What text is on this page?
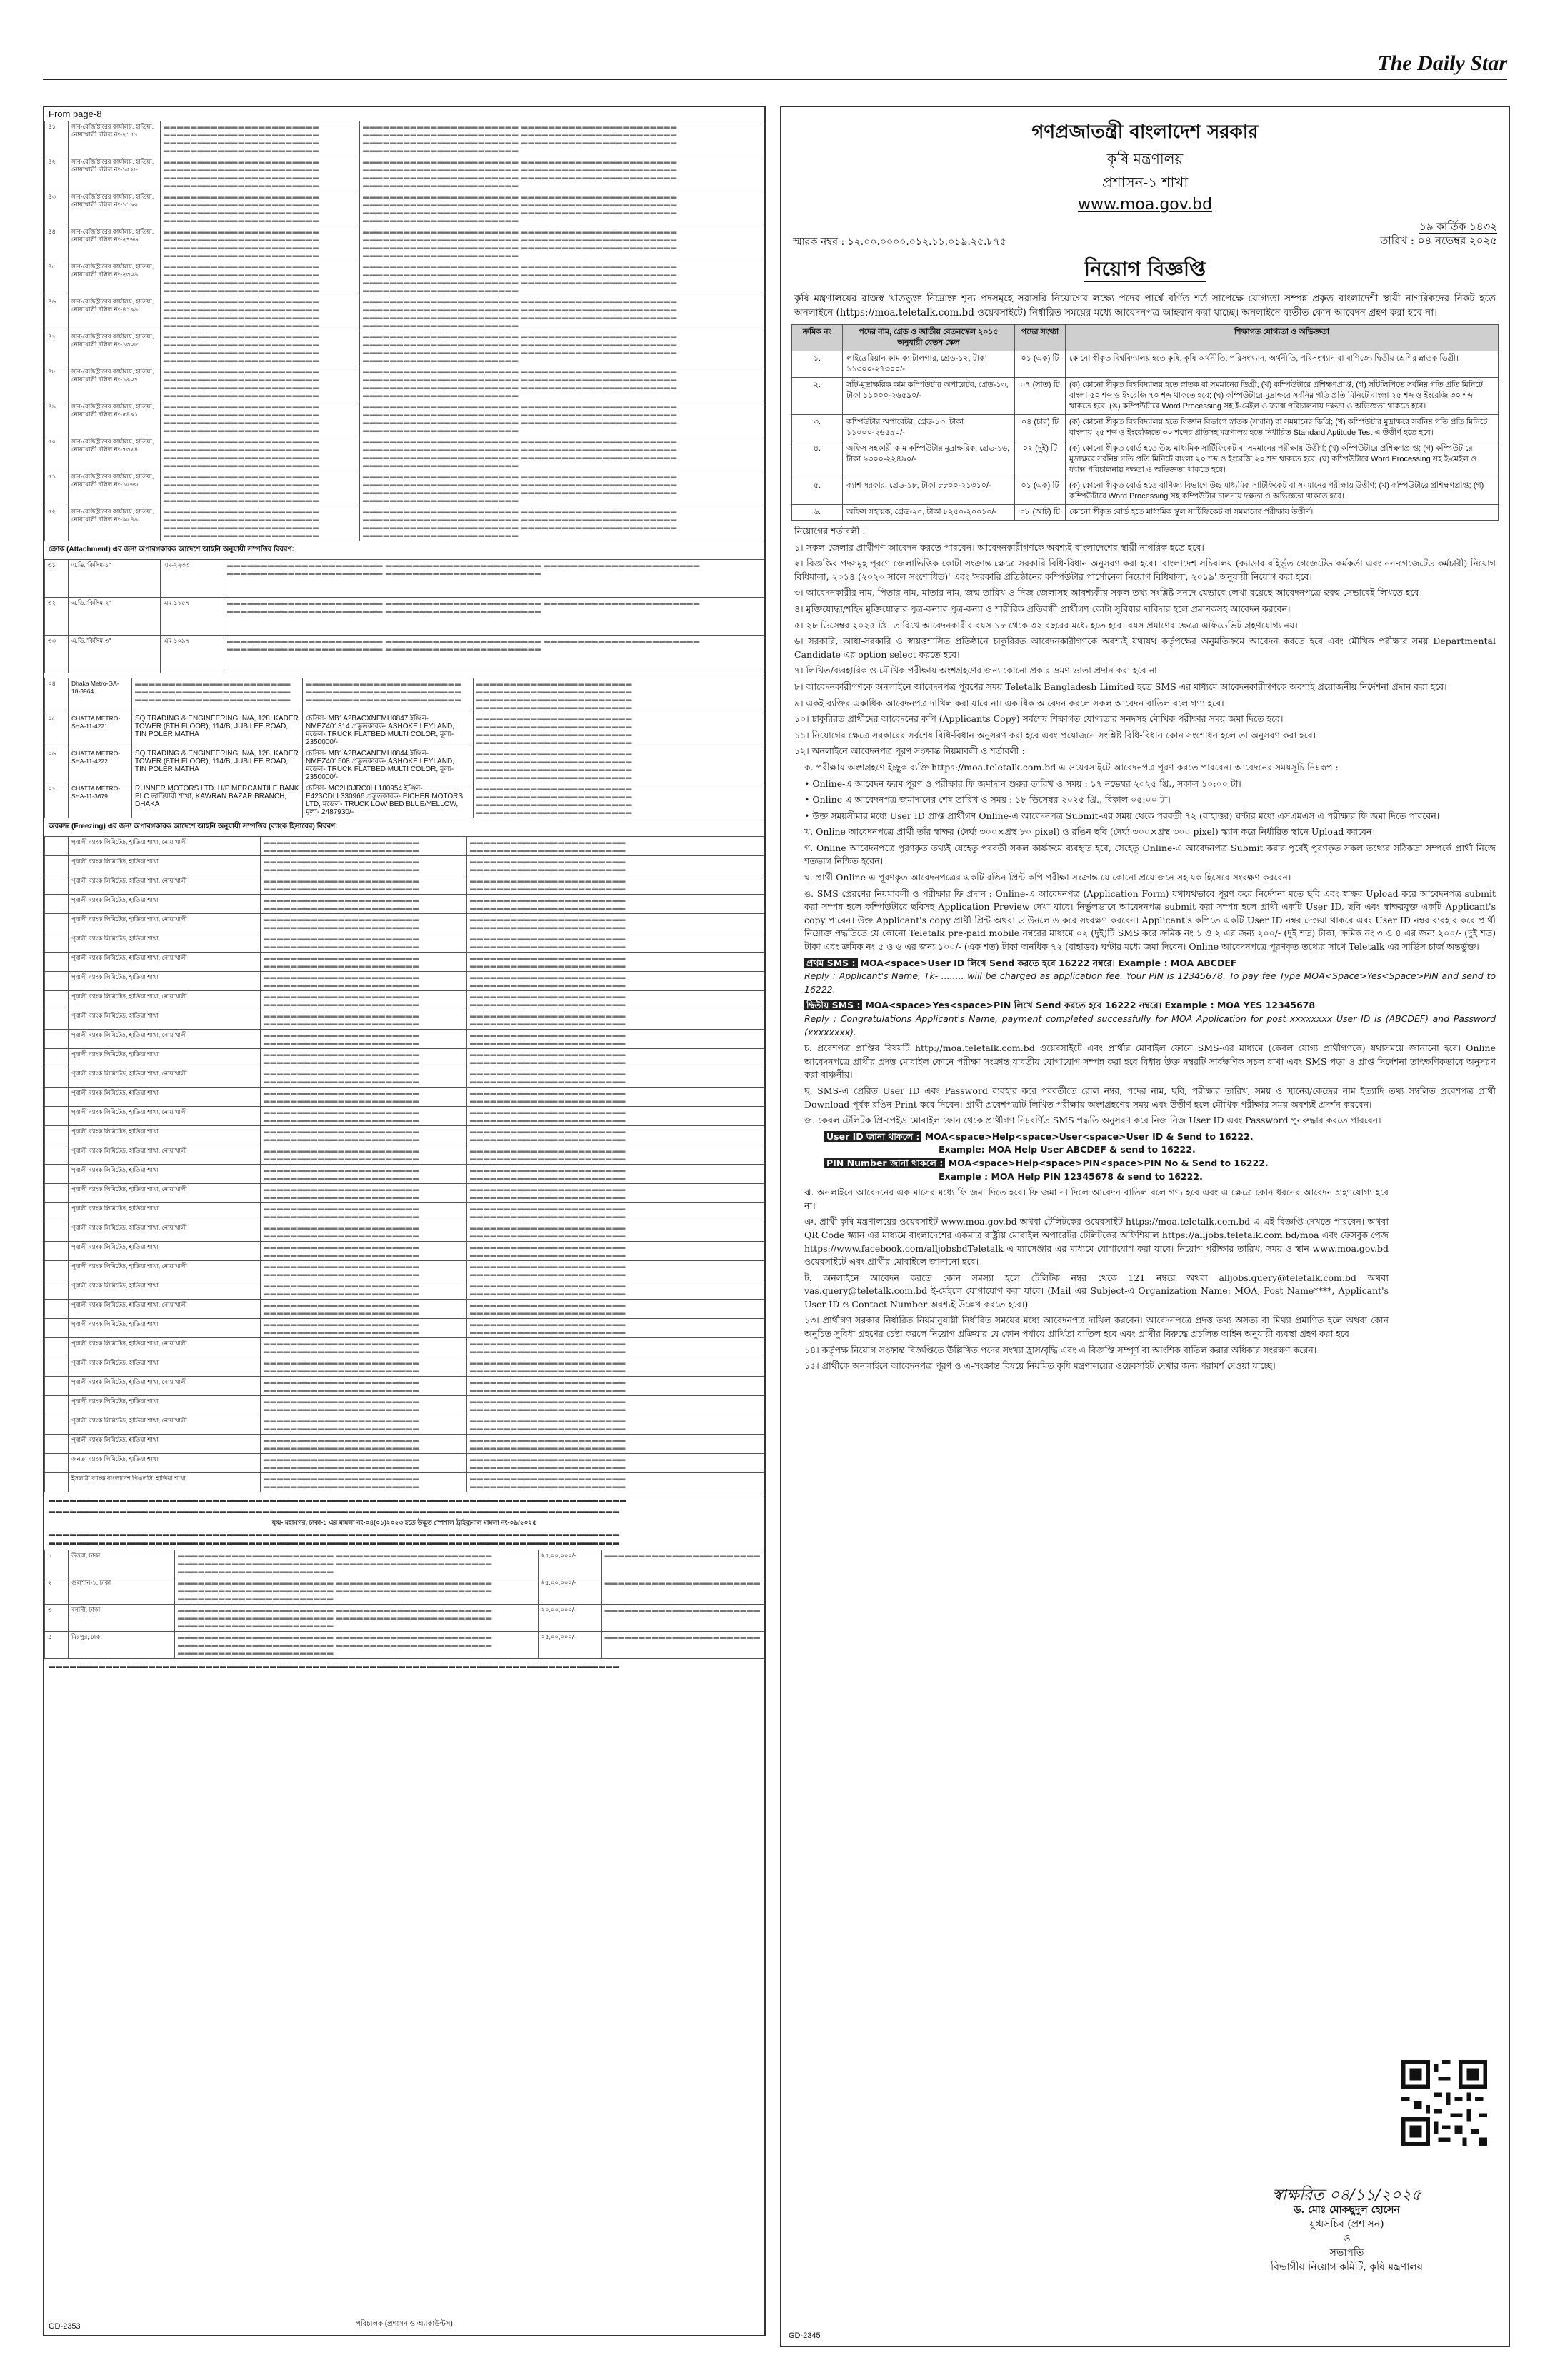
The Daily Star
From page-8
৪১	সাব-রেজিস্ট্রারের কার্যালয়, হাতিয়া, নোয়াখালী দলিল নং-২১৫৭	▬▬▬▬▬▬▬▬▬▬▬▬▬▬▬▬▬▬▬▬▬▬▬ ▬▬▬▬▬▬▬▬▬▬▬▬▬▬▬▬▬▬▬▬▬▬▬ ▬▬▬▬▬▬▬▬▬▬▬▬▬▬▬▬▬▬▬▬▬▬▬ ▬▬▬▬▬▬▬▬▬▬▬▬▬▬▬▬▬▬▬▬▬▬▬	▬▬▬▬▬▬▬▬▬▬▬▬▬▬▬▬▬▬▬▬▬▬▬ ▬▬▬▬▬▬▬▬▬▬▬▬▬▬▬▬▬▬▬▬▬▬▬ ▬▬▬▬▬▬▬▬▬▬▬▬▬▬▬▬▬▬▬▬▬▬▬ ▬▬▬▬▬▬▬▬▬▬▬▬▬▬▬▬▬▬▬▬▬▬▬ ▬▬▬▬▬▬▬▬▬▬▬▬▬▬▬▬▬▬▬▬▬▬▬ ▬▬▬▬▬▬▬▬▬▬▬▬▬▬▬▬▬▬▬▬▬▬▬ ▬▬▬▬▬▬▬▬▬▬▬▬▬▬▬▬▬▬▬▬▬▬▬
৪২	সাব-রেজিস্ট্রারের কার্যালয়, হাতিয়া, নোয়াখালী দলিল নং-১৫২৮	▬▬▬▬▬▬▬▬▬▬▬▬▬▬▬▬▬▬▬▬▬▬▬ ▬▬▬▬▬▬▬▬▬▬▬▬▬▬▬▬▬▬▬▬▬▬▬ ▬▬▬▬▬▬▬▬▬▬▬▬▬▬▬▬▬▬▬▬▬▬▬ ▬▬▬▬▬▬▬▬▬▬▬▬▬▬▬▬▬▬▬▬▬▬▬	▬▬▬▬▬▬▬▬▬▬▬▬▬▬▬▬▬▬▬▬▬▬▬ ▬▬▬▬▬▬▬▬▬▬▬▬▬▬▬▬▬▬▬▬▬▬▬ ▬▬▬▬▬▬▬▬▬▬▬▬▬▬▬▬▬▬▬▬▬▬▬ ▬▬▬▬▬▬▬▬▬▬▬▬▬▬▬▬▬▬▬▬▬▬▬ ▬▬▬▬▬▬▬▬▬▬▬▬▬▬▬▬▬▬▬▬▬▬▬ ▬▬▬▬▬▬▬▬▬▬▬▬▬▬▬▬▬▬▬▬▬▬▬ ▬▬▬▬▬▬▬▬▬▬▬▬▬▬▬▬▬▬▬▬▬▬▬
৪৩	সাব-রেজিস্ট্রারের কার্যালয়, হাতিয়া, নোয়াখালী দলিল নং-১১৯০	▬▬▬▬▬▬▬▬▬▬▬▬▬▬▬▬▬▬▬▬▬▬▬ ▬▬▬▬▬▬▬▬▬▬▬▬▬▬▬▬▬▬▬▬▬▬▬ ▬▬▬▬▬▬▬▬▬▬▬▬▬▬▬▬▬▬▬▬▬▬▬ ▬▬▬▬▬▬▬▬▬▬▬▬▬▬▬▬▬▬▬▬▬▬▬	▬▬▬▬▬▬▬▬▬▬▬▬▬▬▬▬▬▬▬▬▬▬▬ ▬▬▬▬▬▬▬▬▬▬▬▬▬▬▬▬▬▬▬▬▬▬▬ ▬▬▬▬▬▬▬▬▬▬▬▬▬▬▬▬▬▬▬▬▬▬▬ ▬▬▬▬▬▬▬▬▬▬▬▬▬▬▬▬▬▬▬▬▬▬▬ ▬▬▬▬▬▬▬▬▬▬▬▬▬▬▬▬▬▬▬▬▬▬▬ ▬▬▬▬▬▬▬▬▬▬▬▬▬▬▬▬▬▬▬▬▬▬▬ ▬▬▬▬▬▬▬▬▬▬▬▬▬▬▬▬▬▬▬▬▬▬▬
৪৪	সাব-রেজিস্ট্রারের কার্যালয়, হাতিয়া, নোয়াখালী দলিল নং-২৭৬৬	▬▬▬▬▬▬▬▬▬▬▬▬▬▬▬▬▬▬▬▬▬▬▬ ▬▬▬▬▬▬▬▬▬▬▬▬▬▬▬▬▬▬▬▬▬▬▬ ▬▬▬▬▬▬▬▬▬▬▬▬▬▬▬▬▬▬▬▬▬▬▬ ▬▬▬▬▬▬▬▬▬▬▬▬▬▬▬▬▬▬▬▬▬▬▬	▬▬▬▬▬▬▬▬▬▬▬▬▬▬▬▬▬▬▬▬▬▬▬ ▬▬▬▬▬▬▬▬▬▬▬▬▬▬▬▬▬▬▬▬▬▬▬ ▬▬▬▬▬▬▬▬▬▬▬▬▬▬▬▬▬▬▬▬▬▬▬ ▬▬▬▬▬▬▬▬▬▬▬▬▬▬▬▬▬▬▬▬▬▬▬ ▬▬▬▬▬▬▬▬▬▬▬▬▬▬▬▬▬▬▬▬▬▬▬ ▬▬▬▬▬▬▬▬▬▬▬▬▬▬▬▬▬▬▬▬▬▬▬ ▬▬▬▬▬▬▬▬▬▬▬▬▬▬▬▬▬▬▬▬▬▬▬
৪৫	সাব-রেজিস্ট্রারের কার্যালয়, হাতিয়া, নোয়াখালী দলিল নং-২৩০৯	▬▬▬▬▬▬▬▬▬▬▬▬▬▬▬▬▬▬▬▬▬▬▬ ▬▬▬▬▬▬▬▬▬▬▬▬▬▬▬▬▬▬▬▬▬▬▬ ▬▬▬▬▬▬▬▬▬▬▬▬▬▬▬▬▬▬▬▬▬▬▬ ▬▬▬▬▬▬▬▬▬▬▬▬▬▬▬▬▬▬▬▬▬▬▬	▬▬▬▬▬▬▬▬▬▬▬▬▬▬▬▬▬▬▬▬▬▬▬ ▬▬▬▬▬▬▬▬▬▬▬▬▬▬▬▬▬▬▬▬▬▬▬ ▬▬▬▬▬▬▬▬▬▬▬▬▬▬▬▬▬▬▬▬▬▬▬ ▬▬▬▬▬▬▬▬▬▬▬▬▬▬▬▬▬▬▬▬▬▬▬ ▬▬▬▬▬▬▬▬▬▬▬▬▬▬▬▬▬▬▬▬▬▬▬ ▬▬▬▬▬▬▬▬▬▬▬▬▬▬▬▬▬▬▬▬▬▬▬ ▬▬▬▬▬▬▬▬▬▬▬▬▬▬▬▬▬▬▬▬▬▬▬
৪৬	সাব-রেজিস্ট্রারের কার্যালয়, হাতিয়া, নোয়াখালী দলিল নং-৪১৯৯	▬▬▬▬▬▬▬▬▬▬▬▬▬▬▬▬▬▬▬▬▬▬▬ ▬▬▬▬▬▬▬▬▬▬▬▬▬▬▬▬▬▬▬▬▬▬▬ ▬▬▬▬▬▬▬▬▬▬▬▬▬▬▬▬▬▬▬▬▬▬▬ ▬▬▬▬▬▬▬▬▬▬▬▬▬▬▬▬▬▬▬▬▬▬▬	▬▬▬▬▬▬▬▬▬▬▬▬▬▬▬▬▬▬▬▬▬▬▬ ▬▬▬▬▬▬▬▬▬▬▬▬▬▬▬▬▬▬▬▬▬▬▬ ▬▬▬▬▬▬▬▬▬▬▬▬▬▬▬▬▬▬▬▬▬▬▬ ▬▬▬▬▬▬▬▬▬▬▬▬▬▬▬▬▬▬▬▬▬▬▬ ▬▬▬▬▬▬▬▬▬▬▬▬▬▬▬▬▬▬▬▬▬▬▬ ▬▬▬▬▬▬▬▬▬▬▬▬▬▬▬▬▬▬▬▬▬▬▬ ▬▬▬▬▬▬▬▬▬▬▬▬▬▬▬▬▬▬▬▬▬▬▬
৪৭	সাব-রেজিস্ট্রারের কার্যালয়, হাতিয়া, নোয়াখালী দলিল নং-১৩০৮	▬▬▬▬▬▬▬▬▬▬▬▬▬▬▬▬▬▬▬▬▬▬▬ ▬▬▬▬▬▬▬▬▬▬▬▬▬▬▬▬▬▬▬▬▬▬▬ ▬▬▬▬▬▬▬▬▬▬▬▬▬▬▬▬▬▬▬▬▬▬▬ ▬▬▬▬▬▬▬▬▬▬▬▬▬▬▬▬▬▬▬▬▬▬▬	▬▬▬▬▬▬▬▬▬▬▬▬▬▬▬▬▬▬▬▬▬▬▬ ▬▬▬▬▬▬▬▬▬▬▬▬▬▬▬▬▬▬▬▬▬▬▬ ▬▬▬▬▬▬▬▬▬▬▬▬▬▬▬▬▬▬▬▬▬▬▬ ▬▬▬▬▬▬▬▬▬▬▬▬▬▬▬▬▬▬▬▬▬▬▬ ▬▬▬▬▬▬▬▬▬▬▬▬▬▬▬▬▬▬▬▬▬▬▬ ▬▬▬▬▬▬▬▬▬▬▬▬▬▬▬▬▬▬▬▬▬▬▬ ▬▬▬▬▬▬▬▬▬▬▬▬▬▬▬▬▬▬▬▬▬▬▬
৪৮	সাব-রেজিস্ট্রারের কার্যালয়, হাতিয়া, নোয়াখালী দলিল নং-১৯০৭	▬▬▬▬▬▬▬▬▬▬▬▬▬▬▬▬▬▬▬▬▬▬▬ ▬▬▬▬▬▬▬▬▬▬▬▬▬▬▬▬▬▬▬▬▬▬▬ ▬▬▬▬▬▬▬▬▬▬▬▬▬▬▬▬▬▬▬▬▬▬▬ ▬▬▬▬▬▬▬▬▬▬▬▬▬▬▬▬▬▬▬▬▬▬▬	▬▬▬▬▬▬▬▬▬▬▬▬▬▬▬▬▬▬▬▬▬▬▬ ▬▬▬▬▬▬▬▬▬▬▬▬▬▬▬▬▬▬▬▬▬▬▬ ▬▬▬▬▬▬▬▬▬▬▬▬▬▬▬▬▬▬▬▬▬▬▬ ▬▬▬▬▬▬▬▬▬▬▬▬▬▬▬▬▬▬▬▬▬▬▬ ▬▬▬▬▬▬▬▬▬▬▬▬▬▬▬▬▬▬▬▬▬▬▬ ▬▬▬▬▬▬▬▬▬▬▬▬▬▬▬▬▬▬▬▬▬▬▬ ▬▬▬▬▬▬▬▬▬▬▬▬▬▬▬▬▬▬▬▬▬▬▬
৪৯	সাব-রেজিস্ট্রারের কার্যালয়, হাতিয়া, নোয়াখালী দলিল নং-৫৪৯১	▬▬▬▬▬▬▬▬▬▬▬▬▬▬▬▬▬▬▬▬▬▬▬ ▬▬▬▬▬▬▬▬▬▬▬▬▬▬▬▬▬▬▬▬▬▬▬ ▬▬▬▬▬▬▬▬▬▬▬▬▬▬▬▬▬▬▬▬▬▬▬ ▬▬▬▬▬▬▬▬▬▬▬▬▬▬▬▬▬▬▬▬▬▬▬	▬▬▬▬▬▬▬▬▬▬▬▬▬▬▬▬▬▬▬▬▬▬▬ ▬▬▬▬▬▬▬▬▬▬▬▬▬▬▬▬▬▬▬▬▬▬▬ ▬▬▬▬▬▬▬▬▬▬▬▬▬▬▬▬▬▬▬▬▬▬▬ ▬▬▬▬▬▬▬▬▬▬▬▬▬▬▬▬▬▬▬▬▬▬▬ ▬▬▬▬▬▬▬▬▬▬▬▬▬▬▬▬▬▬▬▬▬▬▬ ▬▬▬▬▬▬▬▬▬▬▬▬▬▬▬▬▬▬▬▬▬▬▬ ▬▬▬▬▬▬▬▬▬▬▬▬▬▬▬▬▬▬▬▬▬▬▬
৫০	সাব-রেজিস্ট্রারের কার্যালয়, হাতিয়া, নোয়াখালী দলিল নং-৭৩২৪	▬▬▬▬▬▬▬▬▬▬▬▬▬▬▬▬▬▬▬▬▬▬▬ ▬▬▬▬▬▬▬▬▬▬▬▬▬▬▬▬▬▬▬▬▬▬▬ ▬▬▬▬▬▬▬▬▬▬▬▬▬▬▬▬▬▬▬▬▬▬▬ ▬▬▬▬▬▬▬▬▬▬▬▬▬▬▬▬▬▬▬▬▬▬▬	▬▬▬▬▬▬▬▬▬▬▬▬▬▬▬▬▬▬▬▬▬▬▬ ▬▬▬▬▬▬▬▬▬▬▬▬▬▬▬▬▬▬▬▬▬▬▬ ▬▬▬▬▬▬▬▬▬▬▬▬▬▬▬▬▬▬▬▬▬▬▬ ▬▬▬▬▬▬▬▬▬▬▬▬▬▬▬▬▬▬▬▬▬▬▬ ▬▬▬▬▬▬▬▬▬▬▬▬▬▬▬▬▬▬▬▬▬▬▬ ▬▬▬▬▬▬▬▬▬▬▬▬▬▬▬▬▬▬▬▬▬▬▬ ▬▬▬▬▬▬▬▬▬▬▬▬▬▬▬▬▬▬▬▬▬▬▬
৫১	সাব-রেজিস্ট্রারের কার্যালয়, হাতিয়া, নোয়াখালী দলিল নং-১৫৬৩	▬▬▬▬▬▬▬▬▬▬▬▬▬▬▬▬▬▬▬▬▬▬▬ ▬▬▬▬▬▬▬▬▬▬▬▬▬▬▬▬▬▬▬▬▬▬▬ ▬▬▬▬▬▬▬▬▬▬▬▬▬▬▬▬▬▬▬▬▬▬▬ ▬▬▬▬▬▬▬▬▬▬▬▬▬▬▬▬▬▬▬▬▬▬▬	▬▬▬▬▬▬▬▬▬▬▬▬▬▬▬▬▬▬▬▬▬▬▬ ▬▬▬▬▬▬▬▬▬▬▬▬▬▬▬▬▬▬▬▬▬▬▬ ▬▬▬▬▬▬▬▬▬▬▬▬▬▬▬▬▬▬▬▬▬▬▬ ▬▬▬▬▬▬▬▬▬▬▬▬▬▬▬▬▬▬▬▬▬▬▬ ▬▬▬▬▬▬▬▬▬▬▬▬▬▬▬▬▬▬▬▬▬▬▬ ▬▬▬▬▬▬▬▬▬▬▬▬▬▬▬▬▬▬▬▬▬▬▬ ▬▬▬▬▬▬▬▬▬▬▬▬▬▬▬▬▬▬▬▬▬▬▬
৫২	সাব-রেজিস্ট্রারের কার্যালয়, হাতিয়া, নোয়াখালী দলিল নং-৯৫৪৯	▬▬▬▬▬▬▬▬▬▬▬▬▬▬▬▬▬▬▬▬▬▬▬ ▬▬▬▬▬▬▬▬▬▬▬▬▬▬▬▬▬▬▬▬▬▬▬ ▬▬▬▬▬▬▬▬▬▬▬▬▬▬▬▬▬▬▬▬▬▬▬ ▬▬▬▬▬▬▬▬▬▬▬▬▬▬▬▬▬▬▬▬▬▬▬	▬▬▬▬▬▬▬▬▬▬▬▬▬▬▬▬▬▬▬▬▬▬▬ ▬▬▬▬▬▬▬▬▬▬▬▬▬▬▬▬▬▬▬▬▬▬▬ ▬▬▬▬▬▬▬▬▬▬▬▬▬▬▬▬▬▬▬▬▬▬▬ ▬▬▬▬▬▬▬▬▬▬▬▬▬▬▬▬▬▬▬▬▬▬▬ ▬▬▬▬▬▬▬▬▬▬▬▬▬▬▬▬▬▬▬▬▬▬▬ ▬▬▬▬▬▬▬▬▬▬▬▬▬▬▬▬▬▬▬▬▬▬▬ ▬▬▬▬▬▬▬▬▬▬▬▬▬▬▬▬▬▬▬▬▬▬▬
ক্রোক (Attachment) এর জন্য অপারগকারক আদেশে আইনি অনুযায়ী সম্পত্তির বিবরণ:
৩১	এ.ডি."কিসিম-১"	এম-২২৩৩	▬▬▬▬▬▬▬▬▬▬▬▬▬▬▬▬▬▬▬▬▬▬▬ ▬▬▬▬▬▬▬▬▬▬▬▬▬▬▬▬▬▬▬▬▬▬▬ ▬▬▬▬▬▬▬▬▬▬▬▬▬▬▬▬▬▬▬▬▬▬▬ ▬▬▬▬▬▬▬▬▬▬▬▬▬▬▬▬▬▬▬▬▬▬▬ ▬▬▬▬▬▬▬▬▬▬▬▬▬▬▬▬▬▬▬▬▬▬▬
৩২	এ.ডি."কিসিম-২"	এম-১১৫৭	▬▬▬▬▬▬▬▬▬▬▬▬▬▬▬▬▬▬▬▬▬▬▬ ▬▬▬▬▬▬▬▬▬▬▬▬▬▬▬▬▬▬▬▬▬▬▬ ▬▬▬▬▬▬▬▬▬▬▬▬▬▬▬▬▬▬▬▬▬▬▬ ▬▬▬▬▬▬▬▬▬▬▬▬▬▬▬▬▬▬▬▬▬▬▬ ▬▬▬▬▬▬▬▬▬▬▬▬▬▬▬▬▬▬▬▬▬▬▬
৩৩	এ.ডি."কিসিম-৩"	এম-১০৯৭	▬▬▬▬▬▬▬▬▬▬▬▬▬▬▬▬▬▬▬▬▬▬▬ ▬▬▬▬▬▬▬▬▬▬▬▬▬▬▬▬▬▬▬▬▬▬▬ ▬▬▬▬▬▬▬▬▬▬▬▬▬▬▬▬▬▬▬▬▬▬▬ ▬▬▬▬▬▬▬▬▬▬▬▬▬▬▬▬▬▬▬▬▬▬▬ ▬▬▬▬▬▬▬▬▬▬▬▬▬▬▬▬▬▬▬▬▬▬▬
০৪	Dhaka Metro-GA- 18-3964	▬▬▬▬▬▬▬▬▬▬▬▬▬▬▬▬▬▬▬▬▬▬▬ ▬▬▬▬▬▬▬▬▬▬▬▬▬▬▬▬▬▬▬▬▬▬▬ ▬▬▬▬▬▬▬▬▬▬▬▬▬▬▬▬▬▬▬▬▬▬▬	▬▬▬▬▬▬▬▬▬▬▬▬▬▬▬▬▬▬▬▬▬▬▬ ▬▬▬▬▬▬▬▬▬▬▬▬▬▬▬▬▬▬▬▬▬▬▬ ▬▬▬▬▬▬▬▬▬▬▬▬▬▬▬▬▬▬▬▬▬▬▬	▬▬▬▬▬▬▬▬▬▬▬▬▬▬▬▬▬▬▬▬▬▬▬ ▬▬▬▬▬▬▬▬▬▬▬▬▬▬▬▬▬▬▬▬▬▬▬ ▬▬▬▬▬▬▬▬▬▬▬▬▬▬▬▬▬▬▬▬▬▬▬ ▬▬▬▬▬▬▬▬▬▬▬▬▬▬▬▬▬▬▬▬▬▬▬
০৫	CHATTA METRO-SHA-11-4221	SQ TRADING & ENGINEERING, N/A, 128, KADER TOWER (8TH FLOOR), 114/B, JUBILEE ROAD, TIN POLER MATHA	চেসিস- MB1A2BACXNEMH0847 ইঞ্জিন- NMEZ401314 প্রস্তুতকারক- ASHOKE LEYLAND, মডেল- TRUCK FLATBED MULTI COLOR, মূল্য- 2350000/-	▬▬▬▬▬▬▬▬▬▬▬▬▬▬▬▬▬▬▬▬▬▬▬ ▬▬▬▬▬▬▬▬▬▬▬▬▬▬▬▬▬▬▬▬▬▬▬ ▬▬▬▬▬▬▬▬▬▬▬▬▬▬▬▬▬▬▬▬▬▬▬ ▬▬▬▬▬▬▬▬▬▬▬▬▬▬▬▬▬▬▬▬▬▬▬
০৬	CHATTA METRO-SHA-11-4222	SQ TRADING & ENGINEERING, N/A, 128, KADER TOWER (8TH FLOOR), 114/B, JUBILEE ROAD, TIN POLER MATHA	চেসিস- MB1A2BACANEMH0844 ইঞ্জিন- NMEZ401508 প্রস্তুতকারক- ASHOKE LEYLAND, মডেল- TRUCK FLATBED MULTI COLOR, মূল্য- 2350000/-	▬▬▬▬▬▬▬▬▬▬▬▬▬▬▬▬▬▬▬▬▬▬▬ ▬▬▬▬▬▬▬▬▬▬▬▬▬▬▬▬▬▬▬▬▬▬▬ ▬▬▬▬▬▬▬▬▬▬▬▬▬▬▬▬▬▬▬▬▬▬▬ ▬▬▬▬▬▬▬▬▬▬▬▬▬▬▬▬▬▬▬▬▬▬▬
০৭	CHATTA METRO-SHA-11-3679	RUNNER MOTORS LTD. H/P MERCANTILE BANK PLC ভাটিয়ারী শাখা, KAWRAN BAZAR BRANCH, DHAKA	চেসিস- MC2H3JRC0LL180954 ইঞ্জিন- E423CDLL330966 প্রস্তুতকারক- EICHER MOTORS LTD, মডেল- TRUCK LOW BED BLUE/YELLOW, মূল্য- 2487930/-	▬▬▬▬▬▬▬▬▬▬▬▬▬▬▬▬▬▬▬▬▬▬▬ ▬▬▬▬▬▬▬▬▬▬▬▬▬▬▬▬▬▬▬▬▬▬▬ ▬▬▬▬▬▬▬▬▬▬▬▬▬▬▬▬▬▬▬▬▬▬▬ ▬▬▬▬▬▬▬▬▬▬▬▬▬▬▬▬▬▬▬▬▬▬▬
অবরুদ্ধ (Freezing) এর জন্য অপারগকারক আদেশে আইনি অনুযায়ী সম্পত্তির (ব্যাংক হিসাবের) বিবরণ:
	পূবালী ব্যাংক লিমিটেড, হাতিয়া শাখা, নোয়াখালী	▬▬▬▬▬▬▬▬▬▬▬▬▬▬▬▬▬▬▬▬▬▬▬ ▬▬▬▬▬▬▬▬▬▬▬▬▬▬▬▬▬▬▬▬▬▬▬	▬▬▬▬▬▬▬▬▬▬▬▬▬▬▬▬▬▬▬▬▬▬▬ ▬▬▬▬▬▬▬▬▬▬▬▬▬▬▬▬▬▬▬▬▬▬▬
	পূবালী ব্যাংক লিমিটেড, হাতিয়া শাখা	▬▬▬▬▬▬▬▬▬▬▬▬▬▬▬▬▬▬▬▬▬▬▬ ▬▬▬▬▬▬▬▬▬▬▬▬▬▬▬▬▬▬▬▬▬▬▬	▬▬▬▬▬▬▬▬▬▬▬▬▬▬▬▬▬▬▬▬▬▬▬ ▬▬▬▬▬▬▬▬▬▬▬▬▬▬▬▬▬▬▬▬▬▬▬
	পূবালী ব্যাংক লিমিটেড, হাতিয়া শাখা, নোয়াখালী	▬▬▬▬▬▬▬▬▬▬▬▬▬▬▬▬▬▬▬▬▬▬▬ ▬▬▬▬▬▬▬▬▬▬▬▬▬▬▬▬▬▬▬▬▬▬▬	▬▬▬▬▬▬▬▬▬▬▬▬▬▬▬▬▬▬▬▬▬▬▬ ▬▬▬▬▬▬▬▬▬▬▬▬▬▬▬▬▬▬▬▬▬▬▬
	পূবালী ব্যাংক লিমিটেড, হাতিয়া শাখা	▬▬▬▬▬▬▬▬▬▬▬▬▬▬▬▬▬▬▬▬▬▬▬ ▬▬▬▬▬▬▬▬▬▬▬▬▬▬▬▬▬▬▬▬▬▬▬	▬▬▬▬▬▬▬▬▬▬▬▬▬▬▬▬▬▬▬▬▬▬▬ ▬▬▬▬▬▬▬▬▬▬▬▬▬▬▬▬▬▬▬▬▬▬▬
	পূবালী ব্যাংক লিমিটেড, হাতিয়া শাখা, নোয়াখালী	▬▬▬▬▬▬▬▬▬▬▬▬▬▬▬▬▬▬▬▬▬▬▬ ▬▬▬▬▬▬▬▬▬▬▬▬▬▬▬▬▬▬▬▬▬▬▬	▬▬▬▬▬▬▬▬▬▬▬▬▬▬▬▬▬▬▬▬▬▬▬ ▬▬▬▬▬▬▬▬▬▬▬▬▬▬▬▬▬▬▬▬▬▬▬
	পূবালী ব্যাংক লিমিটেড, হাতিয়া শাখা	▬▬▬▬▬▬▬▬▬▬▬▬▬▬▬▬▬▬▬▬▬▬▬ ▬▬▬▬▬▬▬▬▬▬▬▬▬▬▬▬▬▬▬▬▬▬▬	▬▬▬▬▬▬▬▬▬▬▬▬▬▬▬▬▬▬▬▬▬▬▬ ▬▬▬▬▬▬▬▬▬▬▬▬▬▬▬▬▬▬▬▬▬▬▬
	পূবালী ব্যাংক লিমিটেড, হাতিয়া শাখা, নোয়াখালী	▬▬▬▬▬▬▬▬▬▬▬▬▬▬▬▬▬▬▬▬▬▬▬ ▬▬▬▬▬▬▬▬▬▬▬▬▬▬▬▬▬▬▬▬▬▬▬	▬▬▬▬▬▬▬▬▬▬▬▬▬▬▬▬▬▬▬▬▬▬▬ ▬▬▬▬▬▬▬▬▬▬▬▬▬▬▬▬▬▬▬▬▬▬▬
	পূবালী ব্যাংক লিমিটেড, হাতিয়া শাখা	▬▬▬▬▬▬▬▬▬▬▬▬▬▬▬▬▬▬▬▬▬▬▬ ▬▬▬▬▬▬▬▬▬▬▬▬▬▬▬▬▬▬▬▬▬▬▬	▬▬▬▬▬▬▬▬▬▬▬▬▬▬▬▬▬▬▬▬▬▬▬ ▬▬▬▬▬▬▬▬▬▬▬▬▬▬▬▬▬▬▬▬▬▬▬
	পূবালী ব্যাংক লিমিটেড, হাতিয়া শাখা, নোয়াখালী	▬▬▬▬▬▬▬▬▬▬▬▬▬▬▬▬▬▬▬▬▬▬▬ ▬▬▬▬▬▬▬▬▬▬▬▬▬▬▬▬▬▬▬▬▬▬▬	▬▬▬▬▬▬▬▬▬▬▬▬▬▬▬▬▬▬▬▬▬▬▬ ▬▬▬▬▬▬▬▬▬▬▬▬▬▬▬▬▬▬▬▬▬▬▬
	পূবালী ব্যাংক লিমিটেড, হাতিয়া শাখা	▬▬▬▬▬▬▬▬▬▬▬▬▬▬▬▬▬▬▬▬▬▬▬ ▬▬▬▬▬▬▬▬▬▬▬▬▬▬▬▬▬▬▬▬▬▬▬	▬▬▬▬▬▬▬▬▬▬▬▬▬▬▬▬▬▬▬▬▬▬▬ ▬▬▬▬▬▬▬▬▬▬▬▬▬▬▬▬▬▬▬▬▬▬▬
	পূবালী ব্যাংক লিমিটেড, হাতিয়া শাখা, নোয়াখালী	▬▬▬▬▬▬▬▬▬▬▬▬▬▬▬▬▬▬▬▬▬▬▬ ▬▬▬▬▬▬▬▬▬▬▬▬▬▬▬▬▬▬▬▬▬▬▬	▬▬▬▬▬▬▬▬▬▬▬▬▬▬▬▬▬▬▬▬▬▬▬ ▬▬▬▬▬▬▬▬▬▬▬▬▬▬▬▬▬▬▬▬▬▬▬
	পূবালী ব্যাংক লিমিটেড, হাতিয়া শাখা	▬▬▬▬▬▬▬▬▬▬▬▬▬▬▬▬▬▬▬▬▬▬▬ ▬▬▬▬▬▬▬▬▬▬▬▬▬▬▬▬▬▬▬▬▬▬▬	▬▬▬▬▬▬▬▬▬▬▬▬▬▬▬▬▬▬▬▬▬▬▬ ▬▬▬▬▬▬▬▬▬▬▬▬▬▬▬▬▬▬▬▬▬▬▬
	পূবালী ব্যাংক লিমিটেড, হাতিয়া শাখা, নোয়াখালী	▬▬▬▬▬▬▬▬▬▬▬▬▬▬▬▬▬▬▬▬▬▬▬ ▬▬▬▬▬▬▬▬▬▬▬▬▬▬▬▬▬▬▬▬▬▬▬	▬▬▬▬▬▬▬▬▬▬▬▬▬▬▬▬▬▬▬▬▬▬▬ ▬▬▬▬▬▬▬▬▬▬▬▬▬▬▬▬▬▬▬▬▬▬▬
	পূবালী ব্যাংক লিমিটেড, হাতিয়া শাখা	▬▬▬▬▬▬▬▬▬▬▬▬▬▬▬▬▬▬▬▬▬▬▬ ▬▬▬▬▬▬▬▬▬▬▬▬▬▬▬▬▬▬▬▬▬▬▬	▬▬▬▬▬▬▬▬▬▬▬▬▬▬▬▬▬▬▬▬▬▬▬ ▬▬▬▬▬▬▬▬▬▬▬▬▬▬▬▬▬▬▬▬▬▬▬
	পূবালী ব্যাংক লিমিটেড, হাতিয়া শাখা, নোয়াখালী	▬▬▬▬▬▬▬▬▬▬▬▬▬▬▬▬▬▬▬▬▬▬▬ ▬▬▬▬▬▬▬▬▬▬▬▬▬▬▬▬▬▬▬▬▬▬▬	▬▬▬▬▬▬▬▬▬▬▬▬▬▬▬▬▬▬▬▬▬▬▬ ▬▬▬▬▬▬▬▬▬▬▬▬▬▬▬▬▬▬▬▬▬▬▬
	পূবালী ব্যাংক লিমিটেড, হাতিয়া শাখা	▬▬▬▬▬▬▬▬▬▬▬▬▬▬▬▬▬▬▬▬▬▬▬ ▬▬▬▬▬▬▬▬▬▬▬▬▬▬▬▬▬▬▬▬▬▬▬	▬▬▬▬▬▬▬▬▬▬▬▬▬▬▬▬▬▬▬▬▬▬▬ ▬▬▬▬▬▬▬▬▬▬▬▬▬▬▬▬▬▬▬▬▬▬▬
	পূবালী ব্যাংক লিমিটেড, হাতিয়া শাখা, নোয়াখালী	▬▬▬▬▬▬▬▬▬▬▬▬▬▬▬▬▬▬▬▬▬▬▬ ▬▬▬▬▬▬▬▬▬▬▬▬▬▬▬▬▬▬▬▬▬▬▬	▬▬▬▬▬▬▬▬▬▬▬▬▬▬▬▬▬▬▬▬▬▬▬ ▬▬▬▬▬▬▬▬▬▬▬▬▬▬▬▬▬▬▬▬▬▬▬
	পূবালী ব্যাংক লিমিটেড, হাতিয়া শাখা	▬▬▬▬▬▬▬▬▬▬▬▬▬▬▬▬▬▬▬▬▬▬▬ ▬▬▬▬▬▬▬▬▬▬▬▬▬▬▬▬▬▬▬▬▬▬▬	▬▬▬▬▬▬▬▬▬▬▬▬▬▬▬▬▬▬▬▬▬▬▬ ▬▬▬▬▬▬▬▬▬▬▬▬▬▬▬▬▬▬▬▬▬▬▬
	পূবালী ব্যাংক লিমিটেড, হাতিয়া শাখা, নোয়াখালী	▬▬▬▬▬▬▬▬▬▬▬▬▬▬▬▬▬▬▬▬▬▬▬ ▬▬▬▬▬▬▬▬▬▬▬▬▬▬▬▬▬▬▬▬▬▬▬	▬▬▬▬▬▬▬▬▬▬▬▬▬▬▬▬▬▬▬▬▬▬▬ ▬▬▬▬▬▬▬▬▬▬▬▬▬▬▬▬▬▬▬▬▬▬▬
	পূবালী ব্যাংক লিমিটেড, হাতিয়া শাখা	▬▬▬▬▬▬▬▬▬▬▬▬▬▬▬▬▬▬▬▬▬▬▬ ▬▬▬▬▬▬▬▬▬▬▬▬▬▬▬▬▬▬▬▬▬▬▬	▬▬▬▬▬▬▬▬▬▬▬▬▬▬▬▬▬▬▬▬▬▬▬ ▬▬▬▬▬▬▬▬▬▬▬▬▬▬▬▬▬▬▬▬▬▬▬
	পূবালী ব্যাংক লিমিটেড, হাতিয়া শাখা, নোয়াখালী	▬▬▬▬▬▬▬▬▬▬▬▬▬▬▬▬▬▬▬▬▬▬▬ ▬▬▬▬▬▬▬▬▬▬▬▬▬▬▬▬▬▬▬▬▬▬▬	▬▬▬▬▬▬▬▬▬▬▬▬▬▬▬▬▬▬▬▬▬▬▬ ▬▬▬▬▬▬▬▬▬▬▬▬▬▬▬▬▬▬▬▬▬▬▬
	পূবালী ব্যাংক লিমিটেড, হাতিয়া শাখা	▬▬▬▬▬▬▬▬▬▬▬▬▬▬▬▬▬▬▬▬▬▬▬ ▬▬▬▬▬▬▬▬▬▬▬▬▬▬▬▬▬▬▬▬▬▬▬	▬▬▬▬▬▬▬▬▬▬▬▬▬▬▬▬▬▬▬▬▬▬▬ ▬▬▬▬▬▬▬▬▬▬▬▬▬▬▬▬▬▬▬▬▬▬▬
	পূবালী ব্যাংক লিমিটেড, হাতিয়া শাখা, নোয়াখালী	▬▬▬▬▬▬▬▬▬▬▬▬▬▬▬▬▬▬▬▬▬▬▬ ▬▬▬▬▬▬▬▬▬▬▬▬▬▬▬▬▬▬▬▬▬▬▬	▬▬▬▬▬▬▬▬▬▬▬▬▬▬▬▬▬▬▬▬▬▬▬ ▬▬▬▬▬▬▬▬▬▬▬▬▬▬▬▬▬▬▬▬▬▬▬
	পূবালী ব্যাংক লিমিটেড, হাতিয়া শাখা	▬▬▬▬▬▬▬▬▬▬▬▬▬▬▬▬▬▬▬▬▬▬▬ ▬▬▬▬▬▬▬▬▬▬▬▬▬▬▬▬▬▬▬▬▬▬▬	▬▬▬▬▬▬▬▬▬▬▬▬▬▬▬▬▬▬▬▬▬▬▬ ▬▬▬▬▬▬▬▬▬▬▬▬▬▬▬▬▬▬▬▬▬▬▬
	পূবালী ব্যাংক লিমিটেড, হাতিয়া শাখা, নোয়াখালী	▬▬▬▬▬▬▬▬▬▬▬▬▬▬▬▬▬▬▬▬▬▬▬ ▬▬▬▬▬▬▬▬▬▬▬▬▬▬▬▬▬▬▬▬▬▬▬	▬▬▬▬▬▬▬▬▬▬▬▬▬▬▬▬▬▬▬▬▬▬▬ ▬▬▬▬▬▬▬▬▬▬▬▬▬▬▬▬▬▬▬▬▬▬▬
	পূবালী ব্যাংক লিমিটেড, হাতিয়া শাখা	▬▬▬▬▬▬▬▬▬▬▬▬▬▬▬▬▬▬▬▬▬▬▬ ▬▬▬▬▬▬▬▬▬▬▬▬▬▬▬▬▬▬▬▬▬▬▬	▬▬▬▬▬▬▬▬▬▬▬▬▬▬▬▬▬▬▬▬▬▬▬ ▬▬▬▬▬▬▬▬▬▬▬▬▬▬▬▬▬▬▬▬▬▬▬
	পূবালী ব্যাংক লিমিটেড, হাতিয়া শাখা, নোয়াখালী	▬▬▬▬▬▬▬▬▬▬▬▬▬▬▬▬▬▬▬▬▬▬▬ ▬▬▬▬▬▬▬▬▬▬▬▬▬▬▬▬▬▬▬▬▬▬▬	▬▬▬▬▬▬▬▬▬▬▬▬▬▬▬▬▬▬▬▬▬▬▬ ▬▬▬▬▬▬▬▬▬▬▬▬▬▬▬▬▬▬▬▬▬▬▬
	পূবালী ব্যাংক লিমিটেড, হাতিয়া শাখা	▬▬▬▬▬▬▬▬▬▬▬▬▬▬▬▬▬▬▬▬▬▬▬ ▬▬▬▬▬▬▬▬▬▬▬▬▬▬▬▬▬▬▬▬▬▬▬	▬▬▬▬▬▬▬▬▬▬▬▬▬▬▬▬▬▬▬▬▬▬▬ ▬▬▬▬▬▬▬▬▬▬▬▬▬▬▬▬▬▬▬▬▬▬▬
	পূবালী ব্যাংক লিমিটেড, হাতিয়া শাখা, নোয়াখালী	▬▬▬▬▬▬▬▬▬▬▬▬▬▬▬▬▬▬▬▬▬▬▬ ▬▬▬▬▬▬▬▬▬▬▬▬▬▬▬▬▬▬▬▬▬▬▬	▬▬▬▬▬▬▬▬▬▬▬▬▬▬▬▬▬▬▬▬▬▬▬ ▬▬▬▬▬▬▬▬▬▬▬▬▬▬▬▬▬▬▬▬▬▬▬
	পূবালী ব্যাংক লিমিটেড, হাতিয়া শাখা	▬▬▬▬▬▬▬▬▬▬▬▬▬▬▬▬▬▬▬▬▬▬▬ ▬▬▬▬▬▬▬▬▬▬▬▬▬▬▬▬▬▬▬▬▬▬▬	▬▬▬▬▬▬▬▬▬▬▬▬▬▬▬▬▬▬▬▬▬▬▬ ▬▬▬▬▬▬▬▬▬▬▬▬▬▬▬▬▬▬▬▬▬▬▬
	পূবালী ব্যাংক লিমিটেড, হাতিয়া শাখা, নোয়াখালী	▬▬▬▬▬▬▬▬▬▬▬▬▬▬▬▬▬▬▬▬▬▬▬ ▬▬▬▬▬▬▬▬▬▬▬▬▬▬▬▬▬▬▬▬▬▬▬	▬▬▬▬▬▬▬▬▬▬▬▬▬▬▬▬▬▬▬▬▬▬▬ ▬▬▬▬▬▬▬▬▬▬▬▬▬▬▬▬▬▬▬▬▬▬▬
	পূবালী ব্যাংক লিমিটেড, হাতিয়া শাখা	▬▬▬▬▬▬▬▬▬▬▬▬▬▬▬▬▬▬▬▬▬▬▬ ▬▬▬▬▬▬▬▬▬▬▬▬▬▬▬▬▬▬▬▬▬▬▬	▬▬▬▬▬▬▬▬▬▬▬▬▬▬▬▬▬▬▬▬▬▬▬ ▬▬▬▬▬▬▬▬▬▬▬▬▬▬▬▬▬▬▬▬▬▬▬
	জনতা ব্যাংক লিমিটেড, হাতিয়া শাখা	▬▬▬▬▬▬▬▬▬▬▬▬▬▬▬▬▬▬▬▬▬▬▬ ▬▬▬▬▬▬▬▬▬▬▬▬▬▬▬▬▬▬▬▬▬▬▬	▬▬▬▬▬▬▬▬▬▬▬▬▬▬▬▬▬▬▬▬▬▬▬ ▬▬▬▬▬▬▬▬▬▬▬▬▬▬▬▬▬▬▬▬▬▬▬
	ইসলামী ব্যাংক বাংলাদেশ পিএলসি, হাতিয়া শাখা	▬▬▬▬▬▬▬▬▬▬▬▬▬▬▬▬▬▬▬▬▬▬▬ ▬▬▬▬▬▬▬▬▬▬▬▬▬▬▬▬▬▬▬▬▬▬▬	▬▬▬▬▬▬▬▬▬▬▬▬▬▬▬▬▬▬▬▬▬▬▬ ▬▬▬▬▬▬▬▬▬▬▬▬▬▬▬▬▬▬▬▬▬▬▬
▬▬▬▬▬▬▬▬▬▬▬▬▬▬▬▬▬▬▬▬▬▬▬▬▬▬▬▬▬▬▬▬▬▬▬▬▬▬▬▬▬▬▬▬▬▬▬▬▬▬▬▬▬▬▬▬▬▬▬▬▬▬▬▬▬▬▬▬▬▬▬▬▬▬▬▬▬▬▬▬▬
▬▬▬▬▬▬▬▬▬▬▬▬▬▬▬▬▬▬▬▬▬▬▬▬▬▬▬▬▬▬▬▬▬▬▬▬▬▬▬▬▬▬▬▬▬▬▬▬▬▬▬▬▬▬▬▬▬▬▬▬▬▬▬▬▬▬▬▬▬▬▬▬▬▬▬▬▬▬▬▬
যুগ্ম- মহানগর, ঢাকা-১ এর মামলা নং-০৪(০১)২০২৩ হতে উদ্ভূত স্পেশাল ট্রাইব্যুনাল মামলা নং-০৯/২০২৫
▬▬▬▬▬▬▬▬▬▬▬▬▬▬▬▬▬▬▬▬▬▬▬▬▬▬▬▬▬▬▬▬▬▬▬▬▬▬▬▬▬▬▬▬▬▬▬▬▬▬▬▬▬▬▬▬▬▬▬▬▬▬▬▬▬▬▬▬▬▬▬▬▬▬▬▬▬▬▬▬
▬▬▬▬▬▬▬▬▬▬▬▬▬▬▬▬▬▬▬▬▬▬▬▬▬▬▬▬▬▬▬▬▬▬▬▬▬▬▬▬▬▬▬▬▬▬▬▬▬▬▬▬▬▬▬▬▬▬▬▬▬▬▬▬▬▬▬▬▬▬▬▬▬▬▬▬▬▬▬▬
১	উত্তরা, ঢাকা	▬▬▬▬▬▬▬▬▬▬▬▬▬▬▬▬▬▬▬▬▬▬▬ ▬▬▬▬▬▬▬▬▬▬▬▬▬▬▬▬▬▬▬▬▬▬▬ ▬▬▬▬▬▬▬▬▬▬▬▬▬▬▬▬▬▬▬▬▬▬▬ ▬▬▬▬▬▬▬▬▬▬▬▬▬▬▬▬▬▬▬▬▬▬▬ ▬▬▬▬▬▬▬▬▬▬▬▬▬▬▬▬▬▬▬▬▬▬▬	২৫,০০,০০০/-	▬▬▬▬▬▬▬▬▬▬▬▬▬▬▬▬▬▬▬▬▬▬▬
২	গুলশান-১, ঢাকা	▬▬▬▬▬▬▬▬▬▬▬▬▬▬▬▬▬▬▬▬▬▬▬ ▬▬▬▬▬▬▬▬▬▬▬▬▬▬▬▬▬▬▬▬▬▬▬ ▬▬▬▬▬▬▬▬▬▬▬▬▬▬▬▬▬▬▬▬▬▬▬ ▬▬▬▬▬▬▬▬▬▬▬▬▬▬▬▬▬▬▬▬▬▬▬ ▬▬▬▬▬▬▬▬▬▬▬▬▬▬▬▬▬▬▬▬▬▬▬	২৫,০০,০০০/-	▬▬▬▬▬▬▬▬▬▬▬▬▬▬▬▬▬▬▬▬▬▬▬
৩	বনানী, ঢাকা	▬▬▬▬▬▬▬▬▬▬▬▬▬▬▬▬▬▬▬▬▬▬▬ ▬▬▬▬▬▬▬▬▬▬▬▬▬▬▬▬▬▬▬▬▬▬▬ ▬▬▬▬▬▬▬▬▬▬▬▬▬▬▬▬▬▬▬▬▬▬▬ ▬▬▬▬▬▬▬▬▬▬▬▬▬▬▬▬▬▬▬▬▬▬▬ ▬▬▬▬▬▬▬▬▬▬▬▬▬▬▬▬▬▬▬▬▬▬▬	২০,০০,০০০/-	▬▬▬▬▬▬▬▬▬▬▬▬▬▬▬▬▬▬▬▬▬▬▬
৪	মিরপুর, ঢাকা	▬▬▬▬▬▬▬▬▬▬▬▬▬▬▬▬▬▬▬▬▬▬▬ ▬▬▬▬▬▬▬▬▬▬▬▬▬▬▬▬▬▬▬▬▬▬▬ ▬▬▬▬▬▬▬▬▬▬▬▬▬▬▬▬▬▬▬▬▬▬▬ ▬▬▬▬▬▬▬▬▬▬▬▬▬▬▬▬▬▬▬▬▬▬▬ ▬▬▬▬▬▬▬▬▬▬▬▬▬▬▬▬▬▬▬▬▬▬▬	২৫,০০,০০০/-	▬▬▬▬▬▬▬▬▬▬▬▬▬▬▬▬▬▬▬▬▬▬▬
▬▬▬▬▬▬▬▬▬▬▬▬▬▬▬▬▬▬▬▬▬▬▬▬▬▬▬▬▬▬▬▬▬▬▬▬▬▬▬▬▬▬▬▬▬▬▬▬▬▬▬▬▬▬▬▬▬▬▬▬▬▬▬▬▬▬▬▬▬▬▬▬▬▬▬▬▬▬▬▬
GD-2353	পরিচালক (প্রশাসন ও অ্যাকাউন্টস)
গণপ্রজাতন্ত্রী বাংলাদেশ সরকার
কৃষি মন্ত্রণালয়
প্রশাসন-১ শাখা
www.moa.gov.bd
স্মারক নম্বর : ১২.০০.০০০০.০১২.১১.০১৯.২৫.৮৭৫
১৯ কার্তিক ১৪৩২
তারিখ : ০৪ নভেম্বর ২০২৫
নিয়োগ বিজ্ঞপ্তি
কৃষি মন্ত্রণালয়ের রাজস্ব খাতভুক্ত নিম্নোক্ত শূন্য পদসমূহে সরাসরি নিয়োগের লক্ষ্যে পদের পার্শ্বে বর্ণিত শর্ত সাপেক্ষে যোগ্যতা সম্পন্ন প্রকৃত বাংলাদেশী স্থায়ী নাগরিকদের নিকট হতে অনলাইনে (https://moa.teletalk.com.bd ওয়েবসাইটে) নির্ধারিত সময়ের মধ্যে আবেদনপত্র আহবান করা যাচ্ছে। অনলাইনে ব্যতীত কোন আবেদন গ্রহণ করা হবে না।
ক্রমিক নং	পদের নাম, গ্রেড ও জাতীয় বেতনস্কেল ২০১৫ অনুযায়ী বেতন স্কেল	পদের সংখ্যা	শিক্ষাগত যোগ্যতা ও অভিজ্ঞতা
১.	লাইব্রেরিয়ান কাম ক্যাটালগার, গ্রেড-১২, টাকা ১১৩০০-২৭৩০০/-	০১ (এক) টি	কোনো স্বীকৃত বিশ্ববিদ্যালয় হতে কৃষি, কৃষি অর্থনীতি, পরিসংখ্যান, অর্থনীতি, পরিসংখ্যান বা বাণিজ্যে দ্বিতীয় শ্রেণির স্নাতক ডিগ্রী।
২.	সাঁট-মুদ্রাক্ষরিক কাম কম্পিউটার অপারেটর, গ্রেড-১৩, টাকা ১১০০০-২৬৫৯০/-	০৭ (সাত) টি	(ক) কোনো স্বীকৃত বিশ্ববিদ্যালয় হতে স্নাতক বা সমমানের ডিগ্রী; (খ) কম্পিউটারে প্রশিক্ষণপ্রাপ্ত; (গ) সাঁটলিপিতে সর্বনিম্ন গতি প্রতি মিনিটে বাংলা ৫০ শব্দ ও ইংরেজি ৭০ শব্দ থাকতে হবে; (ঘ) কম্পিউটারে মুদ্রাক্ষরে সর্বনিম্ন গতি প্রতি মিনিটে বাংলা ২৫ শব্দ ও ইংরেজি ৩০ শব্দ থাকতে হবে; (ঙ) কম্পিউটারে Word Processing সহ ই-মেইল ও ফ্যাক্স পরিচালনায় দক্ষতা ও অভিজ্ঞতা থাকতে হবে।
৩.	কম্পিউটার অপারেটর, গ্রেড-১৩, টাকা ১১০০০-২৬৫৯০/-	০৪ (চার) টি	(ক) কোনো স্বীকৃত বিশ্ববিদ্যালয় হতে বিজ্ঞান বিভাগে স্নাতক (সম্মান) বা সমমানের ডিগ্রি; (খ) কম্পিউটার মুদ্রাক্ষরে সর্বনিম্ন গতি প্রতি মিনিটে বাংলায় ২৫ শব্দ ও ইংরেজিতে ৩০ শব্দের প্রতিসহ মন্ত্রণালয় হতে নির্ধারিত Standard Aptitude Test এ উত্তীর্ণ হতে হবে।
৪.	অফিস সহকারী কাম কম্পিউটার মুদ্রাক্ষরিক, গ্রেড-১৬, টাকা ৯৩০০-২২৪৯০/-	০২ (দুই) টি	(ক) কোনো স্বীকৃত বোর্ড হতে উচ্চ মাধ্যমিক সার্টিফিকেট বা সমমানের পরীক্ষায় উত্তীর্ণ; (খ) কম্পিউটারে প্রশিক্ষণপ্রাপ্ত; (গ) কম্পিউটারে মুদ্রাক্ষরে সর্বনিম্ন গতি প্রতি মিনিটে বাংলা ২০ শব্দ ও ইংরেজি ২০ শব্দ থাকতে হবে; (ঘ) কম্পিউটারে Word Processing সহ ই-মেইল ও ফ্যাক্স পরিচালনায় দক্ষতা ও অভিজ্ঞতা থাকতে হবে।
৫.	ক্যাশ সরকার, গ্রেড-১৮, টাকা ৮৮০০-২১৩১০/-	০১ (এক) টি	(ক) কোনো স্বীকৃত বোর্ড হতে বাণিজ্য বিভাগে উচ্চ মাধ্যমিক সার্টিফিকেট বা সমমানের পরীক্ষায় উত্তীর্ণ; (খ) কম্পিউটারে প্রশিক্ষণপ্রাপ্ত; (গ) কম্পিউটারে Word Processing সহ কম্পিউটার চালনায় দক্ষতা ও অভিজ্ঞতা থাকতে হবে।
৬.	অফিস সহায়ক, গ্রেড-২০, টাকা ৮২৫০-২০০১০/-	০৮ (আট) টি	কোনো স্বীকৃত বোর্ড হতে মাধ্যমিক স্কুল সার্টিফিকেট বা সমমানের পরীক্ষায় উত্তীর্ণ।
নিয়োগের শর্তাবলী :
১। সকল জেলার প্রার্থীগণ আবেদন করতে পারবেন। আবেদনকারীগণকে অবশ্যই বাংলাদেশের স্থায়ী নাগরিক হতে হবে।
২। বিজ্ঞপ্তির পদসমূহ পূরণে জেলাভিত্তিক কোটা সংক্রান্ত ক্ষেত্রে সরকারি বিধি-বিধান অনুসরণ করা হবে। 'বাংলাদেশ সচিবালয় (ক্যাডার বহির্ভূত গেজেটেড কর্মকর্তা এবং নন-গেজেটেড কর্মচারী) নিয়োগ বিধিমালা, ২০১৪ (২০২০ সালে সংশোধিত)' এবং 'সরকারি প্রতিষ্ঠানের কম্পিউটার পার্সোনেল নিয়োগ বিধিমালা, ২০১৯' অনুযায়ী নিয়োগ করা হবে।
৩। আবেদনকারীর নাম, পিতার নাম, মাতার নাম, জন্ম তারিখ ও নিজ জেলাসহ আবশ্যকীয় সকল তথ্য সংশ্লিষ্ট সনদে যেভাবে লেখা রয়েছে আবেদনপত্রে হুবহু সেভাবেই লিখতে হবে।
৪। মুক্তিযোদ্ধা/শহিদ মুক্তিযোদ্ধার পুত্র-কন্যার পুত্র-কন্যা ও শারীরিক প্রতিবন্ধী প্রার্থীগণ কোটা সুবিধার দাবিদার হলে প্রমাণকসহ আবেদন করবেন।
৫। ২৮ ডিসেম্বর ২০২৫ খ্রি. তারিখে আবেদনকারীর বয়স ১৮ থেকে ৩২ বছরের মধ্যে হতে হবে। বয়স প্রমাণের ক্ষেত্রে এফিডেভিট গ্রহণযোগ্য নয়।
৬। সরকারি, আধা-সরকারি ও স্বায়ত্তশাসিত প্রতিষ্ঠানে চাকুরিরত আবেদনকারীগণকে অবশ্যই যথাযথ কর্তৃপক্ষের অনুমতিক্রমে আবেদন করতে হবে এবং মৌখিক পরীক্ষার সময় Departmental Candidate এর option select করতে হবে।
৭। লিখিত/ব্যবহারিক ও মৌখিক পরীক্ষায় অংশগ্রহণের জন্য কোনো প্রকার ভ্রমণ ভাতা প্রদান করা হবে না।
৮। আবেদনকারীগণকে অনলাইনে আবেদনপত্র পূরণের সময় Teletalk Bangladesh Limited হতে SMS এর মাধ্যমে আবেদনকারীগণকে অবশ্যই প্রয়োজনীয় নির্দেশনা প্রদান করা হবে।
৯। একই ব্যক্তির একাধিক আবেদনপত্র দাখিল করা যাবে না। একাধিক আবেদন করলে সকল আবেদন বাতিল বলে গণ্য হবে।
১০। চাকুরিরত প্রার্থীদের আবেদনের কপি (Applicants Copy) সর্বশেষ শিক্ষাগত যোগ্যতার সনদসহ মৌখিক পরীক্ষার সময় জমা দিতে হবে।
১১। নিয়োগের ক্ষেত্রে সরকারের সর্বশেষ বিধি-বিধান অনুসরণ করা হবে এবং প্রয়োজনে সংশ্লিষ্ট বিধি-বিধান কোন সংশোধন হলে তা অনুসরণ করা হবে।
১২। অনলাইনে আবেদনপত্র পূরণ সংক্রান্ত নিয়মাবলী ও শর্তাবলী :
ক. পরীক্ষায় অংশগ্রহণে ইচ্ছুক ব্যক্তি https://moa.teletalk.com.bd এ ওয়েবসাইটে আবেদনপত্র পূরণ করতে পারবেন। আবেদনের সময়সূচি নিম্নরূপ :
• Online-এ আবেদন ফরম পূরণ ও পরীক্ষার ফি জমাদান শুরুর তারিখ ও সময় : ১৭ নভেম্বর ২০২৫ খ্রি., সকাল ১০:০০ টা।
• Online-এ আবেদনপত্র জমাদানের শেষ তারিখ ও সময় : ১৮ ডিসেম্বর ২০২৫ খ্রি., বিকাল ০৫:০০ টা।
• উক্ত সময়সীমার মধ্যে User ID প্রাপ্ত প্রার্থীগণ Online-এ আবেদনপত্র Submit-এর সময় থেকে পরবর্তী ৭২ (বাহাত্তর) ঘণ্টার মধ্যে এসএমএস এ পরীক্ষার ফি জমা দিতে পারবেন।
খ. Online আবেদনপত্রে প্রার্থী তাঁর স্বাক্ষর (দৈর্ঘ্য ৩০০×প্রস্থ ৮০ pixel) ও রঙিন ছবি (দৈর্ঘ্য ৩০০×প্রস্থ ৩০০ pixel) স্ক্যান করে নির্ধারিত স্থানে Upload করবেন।
গ. Online আবেদনপত্রে পূরণকৃত তথ্যই যেহেতু পরবর্তী সকল কার্যক্রমে ব্যবহৃত হবে, সেহেতু Online-এ আবেদনপত্র Submit করার পূর্বেই পূরণকৃত সকল তথ্যের সঠিকতা সম্পর্কে প্রার্থী নিজে শতভাগ নিশ্চিত হবেন।
ঘ. প্রার্থী Online-এ পূরণকৃত আবেদনপত্রের একটি রঙিন প্রিন্ট কপি পরীক্ষা সংক্রান্ত যে কোনো প্রয়োজনে সহায়ক হিসেবে সংরক্ষণ করবেন।
ঙ. SMS প্রেরণের নিয়মাবলী ও পরীক্ষার ফি প্রদান : Online-এ আবেদনপত্র (Application Form) যথাযথভাবে পূরণ করে নির্দেশনা মতে ছবি এবং স্বাক্ষর Upload করে আবেদনপত্র submit করা সম্পন্ন হলে কম্পিউটারে ছবিসহ Application Preview দেখা যাবে। নির্ভুলভাবে আবেদনপত্র submit করা সম্পন্ন হলে প্রার্থী একটি User ID, ছবি এবং স্বাক্ষরযুক্ত একটি Applicant's copy পাবেন। উক্ত Applicant's copy প্রার্থী প্রিন্ট অথবা ডাউনলোড করে সংরক্ষণ করবেন। Applicant's কপিতে একটি User ID নম্বর দেওয়া থাকবে এবং User ID নম্বর ব্যবহার করে প্রার্থী নিম্নোক্ত পদ্ধতিতে যে কোনো Teletalk pre-paid mobile নম্বরের মাধ্যমে ০২ (দুই)টি SMS করে ক্রমিক নং ১ ও ২ এর জন্য ২০০/- (দুই শত) টাকা, ক্রমিক নং ৩ ও ৪ এর জন্য ২০০/- (দুই শত) টাকা এবং ক্রমিক নং ৫ ও ৬ এর জন্য ১০০/- (এক শত) টাকা অনধিক ৭২ (বাহাত্তর) ঘণ্টার মধ্যে জমা দিবেন। Online আবেদনপত্রে পূরণকৃত তথ্যের সাথে Teletalk এর সার্ভিস চার্জ অন্তর্ভুক্ত।
প্রথম SMS : MOA<space>User ID লিখে Send করতে হবে 16222 নম্বরে। Example : MOA ABCDEF
Reply : Applicant's Name, Tk- ........ will be charged as application fee. Your PIN is 12345678. To pay fee Type MOA<Space>Yes<Space>PIN and send to 16222.
দ্বিতীয় SMS : MOA<space>Yes<space>PIN লিখে Send করতে হবে 16222 নম্বরে। Example : MOA YES 12345678
Reply : Congratulations Applicant's Name, payment completed successfully for MOA Application for post xxxxxxxx User ID is (ABCDEF) and Password (xxxxxxxx).
চ. প্রবেশপত্র প্রাপ্তির বিষয়টি http://moa.teletalk.com.bd ওয়েবসাইটে এবং প্রার্থীর মোবাইল ফোনে SMS-এর মাধ্যমে (কেবল যোগ্য প্রার্থীগণকে) যথাসময়ে জানানো হবে। Online আবেদনপত্রে প্রার্থীর প্রদত্ত মোবাইল ফোনে পরীক্ষা সংক্রান্ত যাবতীয় যোগাযোগ সম্পন্ন করা হবে বিধায় উক্ত নম্বরটি সার্বক্ষণিক সচল রাখা এবং SMS পড়া ও প্রাপ্ত নির্দেশনা তাৎক্ষণিকভাবে অনুসরণ করা বাঞ্চনীয়।
ছ. SMS-এ প্রেরিত User ID এবং Password ব্যবহার করে পরবর্তীতে রোল নম্বর, পদের নাম, ছবি, পরীক্ষার তারিখ, সময় ও স্থানের/কেন্দ্রের নাম ইত্যাদি তথ্য সম্বলিত প্রবেশপত্র প্রার্থী Download পূর্বক রঙিন Print করে নিবেন। প্রার্থী প্রবেশপত্রটি লিখিত পরীক্ষায় অংশগ্রহণের সময় এবং উত্তীর্ণ হলে মৌখিক পরীক্ষার সময় অবশ্যই প্রদর্শন করবেন।
জ. কেবল টেলিটক প্রি-পেইড মোবাইল ফোন থেকে প্রার্থীগণ নিম্নবর্ণিত SMS পদ্ধতি অনুসরণ করে নিজ নিজ User ID এবং Password পুনরুদ্ধার করতে পারবেন।
User ID জানা থাকলে : MOA<space>Help<space>User<space>User ID & Send to 16222.
Example: MOA Help User ABCDEF & send to 16222.
PIN Number জানা থাকলে : MOA<space>Help<space>PIN<space>PIN No & Send to 16222.
Example : MOA Help PIN 12345678 & send to 16222.
ঝ. অনলাইনে আবেদনের এক মাসের মধ্যে ফি জমা দিতে হবে। ফি জমা না দিলে আবেদন বাতিল বলে গণ্য হবে এবং এ ক্ষেত্রে কোন ধরনের আবেদন গ্রহণযোগ্য হবে না।
ঞ. প্রার্থী কৃষি মন্ত্রণালয়ের ওয়েবসাইট www.moa.gov.bd অথবা টেলিটকের ওয়েবসাইট https://moa.teletalk.com.bd এ এই বিজ্ঞপ্তি দেখতে পারবেন। অথবা QR Code স্ক্যান এর মাধ্যমে বাংলাদেশের একমাত্র রাষ্ট্রীয় মোবাইল অপারেটর টেলিটকের অফিশিয়াল https://alljobs.teletalk.com.bd/moa এবং ফেসবুক পেজ https://www.facebook.com/alljobsbdTeletalk এ ম্যাসেঞ্জার এর মাধ্যমে যোগাযোগ করা যাবে। নিয়োগ পরীক্ষার তারিখ, সময় ও স্থান www.moa.gov.bd ওয়েবসাইটে এবং প্রার্থীর মোবাইলে জানানো হবে।
ট. অনলাইনে আবেদন করতে কোন সমস্যা হলে টেলিটক নম্বর থেকে 121 নম্বরে অথবা alljobs.query@teletalk.com.bd অথবা vas.query@teletalk.com.bd ই-মেইলে যোগাযোগ করা যাবে। (Mail এর Subject-এ Organization Name: MOA, Post Name****, Applicant's User ID ও Contact Number অবশ্যই উল্লেখ করতে হবে।)
১৩। প্রার্থীগণ সরকার নির্ধারিত নিয়মানুযায়ী নির্ধারিত সময়ের মধ্যে আবেদনপত্র দাখিল করবেন। আবেদনপত্রে প্রদত্ত তথ্য অসত্য বা মিথ্যা প্রমাণিত হলে অথবা কোন অনুচিত সুবিধা গ্রহণের চেষ্টা করলে নিয়োগ প্রক্রিয়ার যে কোন পর্যায়ে প্রার্থিতা বাতিল হবে এবং প্রার্থীর বিরুদ্ধে প্রচলিত আইন অনুযায়ী ব্যবস্থা গ্রহণ করা হবে।
১৪। কর্তৃপক্ষ নিয়োগ সংক্রান্ত বিজ্ঞপ্তিতে উল্লিখিত পদের সংখ্যা হ্রাস/বৃদ্ধি এবং এ বিজ্ঞপ্তি সম্পূর্ণ বা আংশিক বাতিল করার অধিকার সংরক্ষণ করেন।
১৫। প্রার্থীকে অনলাইনে আবেদনপত্র পূরণ ও এ-সংক্রান্ত বিষয়ে নিয়মিত কৃষি মন্ত্রণালয়ের ওয়েবসাইট দেখার জন্য পরামর্শ দেওয়া যাচ্ছে।
স্বাক্ষরিত ০৪/১১/২০২৫
ড. মোঃ মোকছুদুল হোসেন
যুগ্মসচিব (প্রশাসন)
ও
সভাপতি
বিভাগীয় নিয়োগ কমিটি, কৃষি মন্ত্রণালয়
GD-2345
